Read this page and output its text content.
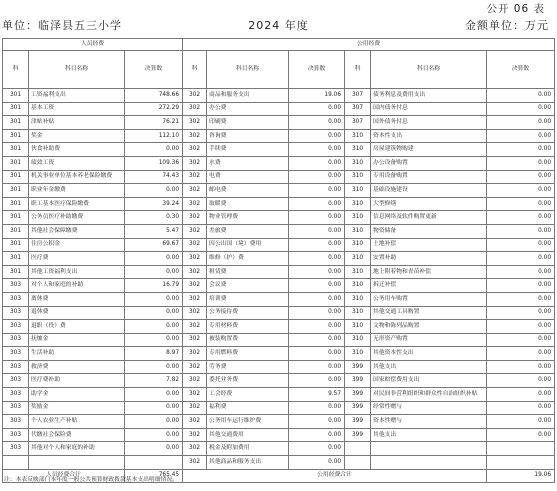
公开 06 表
单位：临泽县五三小学	2024 年度	金额单位：万元
人员经费			公用经费					
科	科目名称	决算数	科	科目名称	决算数	科	科目名称	决算数
301	工资福利支出	748.66	302	商品和服务支出	19.06	307	债务利息及费用支出	0.00
301	基本工资	272.29	302	办公费	0.00	307	国内债务付息	0.00
301	津贴补贴	76.21	302	印刷费	0.00	307	国外债务付息	0.00
301	奖金	112.10	302	咨询费	0.00	310	资本性支出	0.00
301	伙食补助费	0.00	302	手续费	0.00	310	房屋建筑物购建	0.00
301	绩效工资	109.36	302	水费	0.00	310	办公设备购置	0.00
301	机关事业单位基本养老保险缴费	74.43	302	电费	0.00	310	专用设备购置	0.00
301	职业年金缴费	0.00	302	邮电费	0.00	310	基础设施建设	0.00
301	职工基本医疗保险缴费	39.24	302	取暖费	0.00	310	大型修缮	0.00
301	公务员医疗补助缴费	0.30	302	物业管理费	0.00	310	信息网络及软件购置更新	0.00
301	其他社会保障缴费	5.47	302	差旅费	0.00	310	物资储备	0.00
301	住房公积金	69.67	302	因公出国（境）费用	0.00	310	土地补偿	0.00
301	医疗费	0.00	302	维修（护）费	0.00	310	安置补助	0.00
301	其他工资福利支出	0.00	302	租赁费	0.00	310	地上附着物和青苗补偿	0.00
303	对个人和家庭的补助	16.79	302	会议费	0.00	310	拆迁补偿	0.00
303	离休费	0.00	302	培训费	0.00	310	公务用车购置	0.00
303	退休费	0.00	302	公务接待费	0.00	310	其他交通工具购置	0.00
303	退职（役）费	0.00	302	专用材料费	0.00	310	文物和陈列品购置	0.00
303	抚恤金	0.00	302	被装购置费	0.00	310	无形资产购置	0.00
303	生活补助	8.97	302	专用燃料费	0.00	310	其他资本性支出	0.00
303	救济费	0.00	302	劳务费	0.00	399	其他支出	0.00
303	医疗费补助	7.82	302	委托业务费	0.00	399	国家赔偿费用支出	0.00
303	助学金	0.00	302	工会经费	9.57	399	对民间非营利组织和群众性自治组织补贴	0.00
303	奖励金	0.00	302	福利费	0.00	399	经常性赠与	0.00
303	个人农业生产补贴	0.00	302	公务用车运行维护费	0.00	399	资本性赠与	0.00
303	代缴社会保险费	0.00	302	其他交通费用	0.00	399	其他支出	0.00
303	其他对个人和家庭的补助	0.00	302	税金及附加费用	0.00			
			302	其他商品和服务支出	0.00			
人员经费合计		765.45	公用经费合计					19.06
注：本表反映部门本年度一般公共预算财政拨款基本支出明细情况。
